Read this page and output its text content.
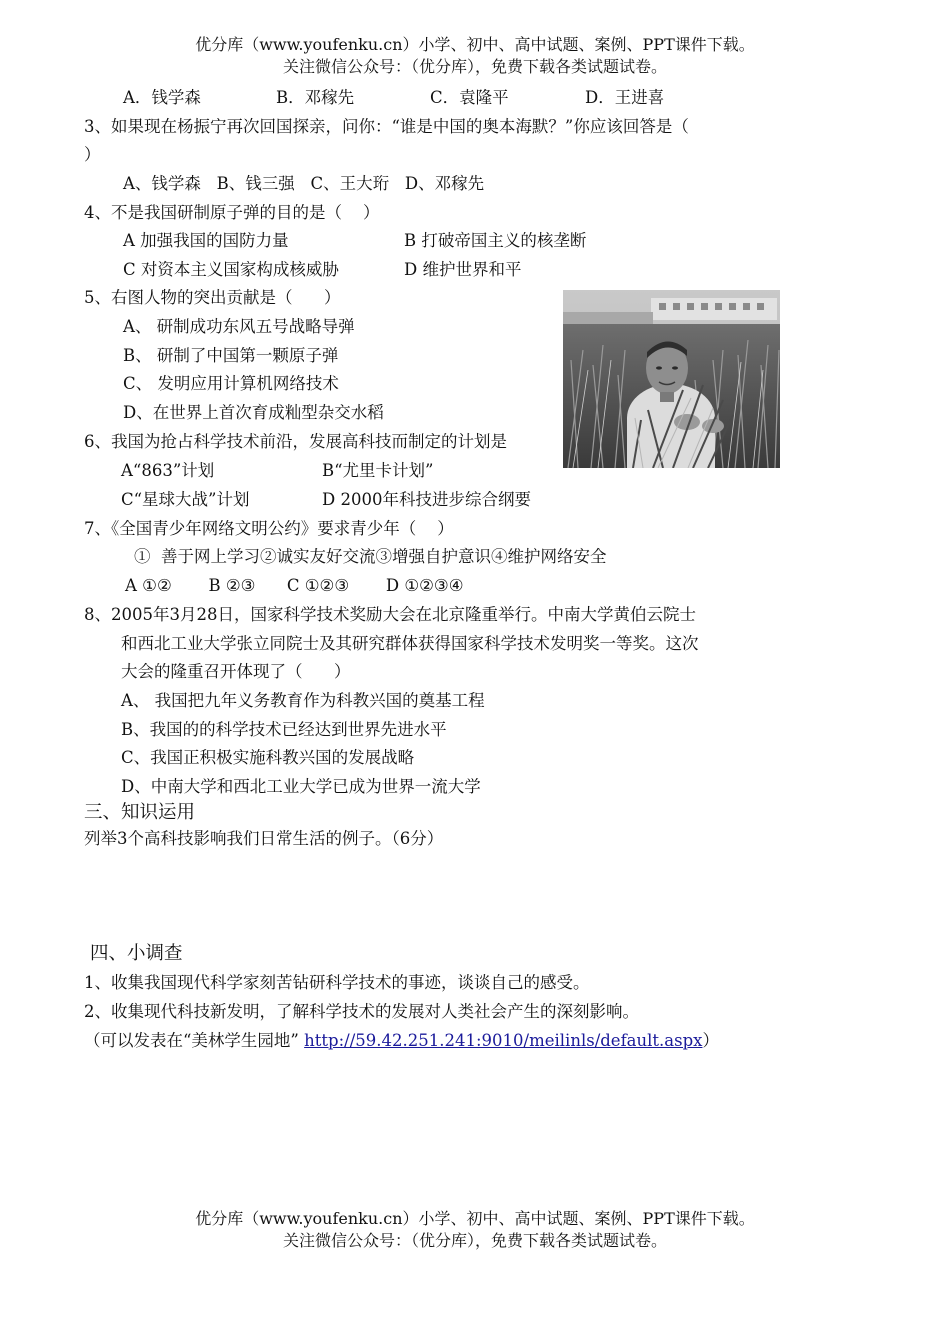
优分库（www.youfenku.cn）小学、初中、高中试题、案例、PPT课件下载。
关注微信公众号：（优分库），免费下载各类试题试卷。
A．钱学森	B．邓稼先	C．袁隆平	D．王进喜
3、如果现在杨振宁再次回国探亲，问你：“谁是中国的奥本海默？”你应该回答是（
）
A、钱学森   B、钱三强   C、王大珩   D、邓稼先
4、不是我国研制原子弹的目的是（    ）
A 加强我国的国防力量	B 打破帝国主义的核垄断
C 对资本主义国家构成核威胁	D 维护世界和平
5、右图人物的突出贡献是（      ）
A、 研制成功东风五号战略导弹
B、 研制了中国第一颗原子弹
C、 发明应用计算机网络技术
D、在世界上首次育成籼型杂交水稻
6、我国为抢占科学技术前沿，发展高科技而制定的计划是
A“863”计划	B“尤里卡计划”
C“星球大战”计划	D 2000年科技进步综合纲要
7、《全国青少年网络文明公约》要求青少年（    ）
①  善于网上学习②诚实友好交流③增强自护意识④维护网络安全
A ①②       B ②③      C ①②③       D ①②③④
8、2005年3月28日，国家科学技术奖励大会在北京隆重举行。中南大学黄伯云院士
和西北工业大学张立同院士及其研究群体获得国家科学技术发明奖一等奖。这次
大会的隆重召开体现了（      ）
A、 我国把九年义务教育作为科教兴国的奠基工程
B、我国的的科学技术已经达到世界先进水平
C、我国正积极实施科教兴国的发展战略
D、中南大学和西北工业大学已成为世界一流大学
三、知识运用
列举3个高科技影响我们日常生活的例子。（6分）
四、小调查
1、收集我国现代科学家刻苦钻研科学技术的事迹，谈谈自己的感受。
2、收集现代科技新发明，了解科学技术的发展对人类社会产生的深刻影响。
（可以发表在“美林学生园地” http://59.42.251.241:9010/meilinls/default.aspx）
优分库（www.youfenku.cn）小学、初中、高中试题、案例、PPT课件下载。
关注微信公众号：（优分库），免费下载各类试题试卷。
